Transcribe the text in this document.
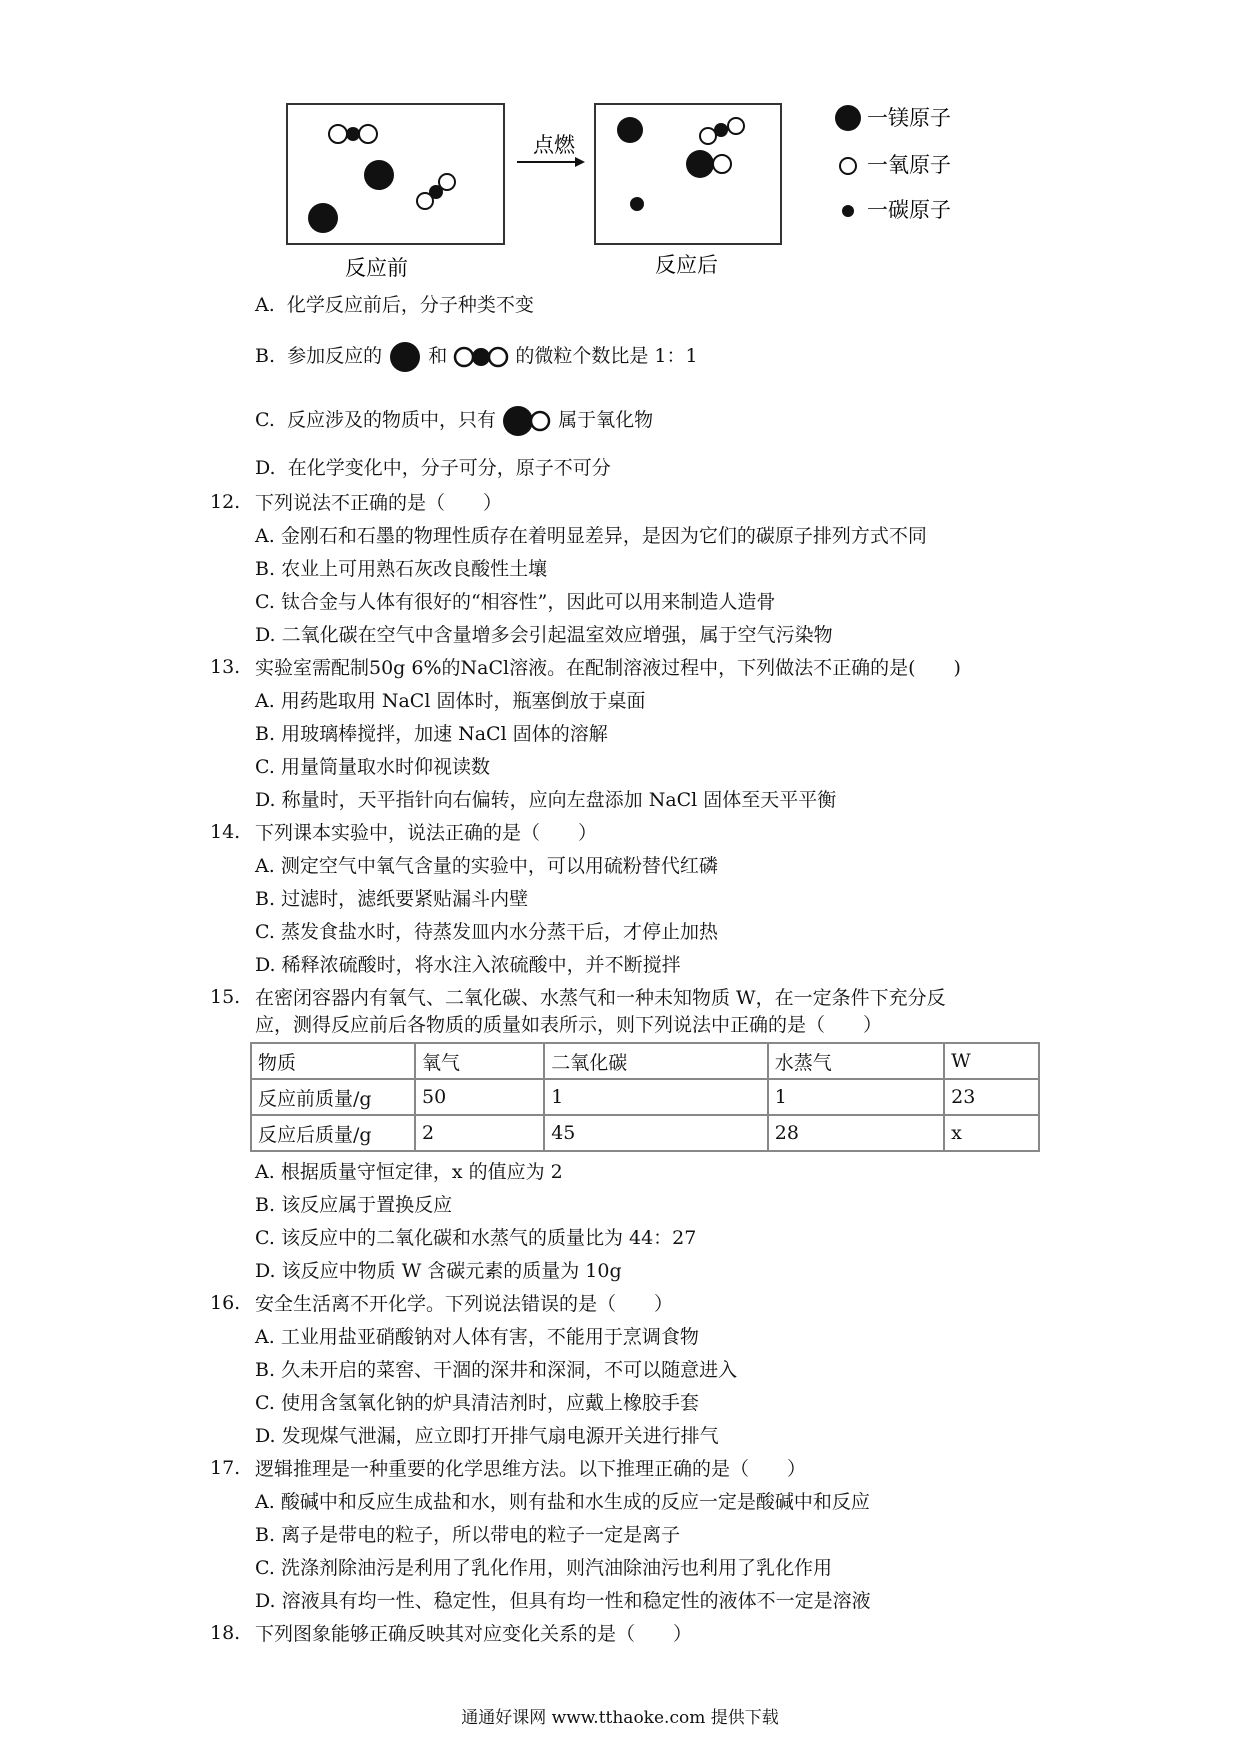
点燃
反应前	反应后
一镁原子
一氧原子
一碳原子
A. 化学反应前后，分子种类不变
B. 参加反应的 和	的微粒个数比是 1：1
C. 反应涉及的物质中，只有	属于氧化物
D. 在化学变化中，分子可分，原子不可分
12. 下列说法不正确的是（　　）
A. 金刚石和石墨的物理性质存在着明显差异，是因为它们的碳原子排列方式不同
B. 农业上可用熟石灰改良酸性土壤
C. 钛合金与人体有很好的“相容性”，因此可以用来制造人造骨
D. 二氧化碳在空气中含量增多会引起温室效应增强，属于空气污染物
13. 实验室需配制50g 6%的NaCl溶液。在配制溶液过程中，下列做法不正确的是(　　)
A. 用药匙取用 NaCl 固体时，瓶塞倒放于桌面
B. 用玻璃棒搅拌，加速 NaCl 固体的溶解
C. 用量筒量取水时仰视读数
D. 称量时，天平指针向右偏转，应向左盘添加 NaCl 固体至天平平衡
14. 下列课本实验中，说法正确的是（　　）
A. 测定空气中氧气含量的实验中，可以用硫粉替代红磷
B. 过滤时，滤纸要紧贴漏斗内壁
C. 蒸发食盐水时，待蒸发皿内水分蒸干后，才停止加热
D. 稀释浓硫酸时，将水注入浓硫酸中，并不断搅拌
15. 在密闭容器内有氧气、二氧化碳、水蒸气和一种未知物质 W，在一定条件下充分反
应，测得反应前后各物质的质量如表所示，则下列说法中正确的是（　　）
物质	氧气	二氧化碳	水蒸气	W
反应前质量/g	50	1	1	23
反应后质量/g	2	45	28	x
A. 根据质量守恒定律，x 的值应为 2
B. 该反应属于置换反应
C. 该反应中的二氧化碳和水蒸气的质量比为 44：27
D. 该反应中物质 W 含碳元素的质量为 10g
16. 安全生活离不开化学。下列说法错误的是（　　）
A. 工业用盐亚硝酸钠对人体有害，不能用于烹调食物
B. 久未开启的菜窖、干涸的深井和深洞，不可以随意进入
C. 使用含氢氧化钠的炉具清洁剂时，应戴上橡胶手套
D. 发现煤气泄漏，应立即打开排气扇电源开关进行排气
17. 逻辑推理是一种重要的化学思维方法。以下推理正确的是（　　）
A. 酸碱中和反应生成盐和水，则有盐和水生成的反应一定是酸碱中和反应
B. 离子是带电的粒子，所以带电的粒子一定是离子
C. 洗涤剂除油污是利用了乳化作用，则汽油除油污也利用了乳化作用
D. 溶液具有均一性、稳定性，但具有均一性和稳定性的液体不一定是溶液
18. 下列图象能够正确反映其对应变化关系的是（　　）
通通好课网 www.tthaoke.com 提供下载
